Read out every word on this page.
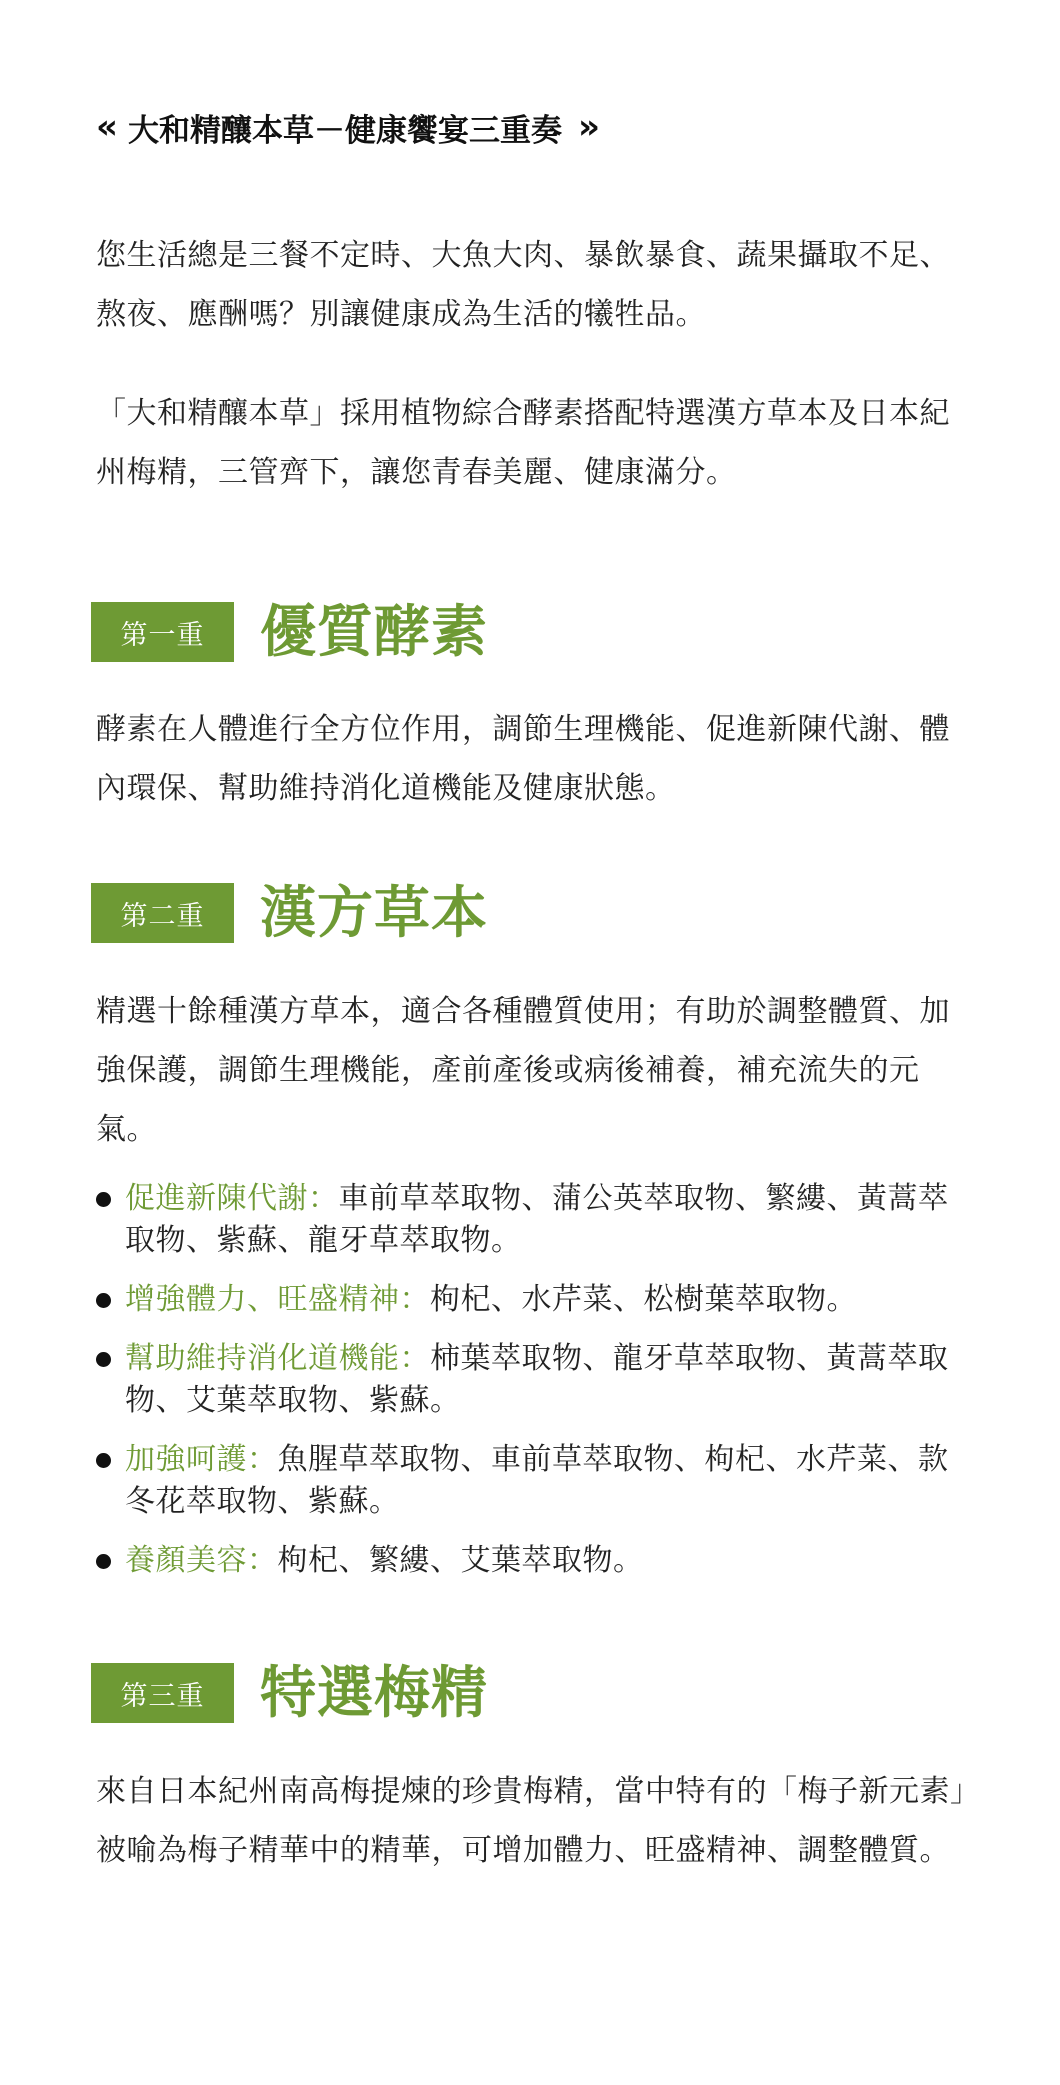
‹‹ 大和精釀本草－健康饗宴三重奏 ››

您生活總是三餐不定時、大魚大肉、暴飲暴食、蔬果攝取不足、熬夜、應酬嗎？別讓健康成為生活的犧牲品。

「大和精釀本草」採用植物綜合酵素搭配特選漢方草本及日本紀州梅精，三管齊下，讓您青春美麗、健康滿分。

第一重 優質酵素

酵素在人體進行全方位作用，調節生理機能、促進新陳代謝、體內環保、幫助維持消化道機能及健康狀態。

第二重 漢方草本

精選十餘種漢方草本，適合各種體質使用；有助於調整體質、加強保護，調節生理機能，產前產後或病後補養，補充流失的元氣。

促進新陳代謝：車前草萃取物、蒲公英萃取物、繁縷、黃蒿萃取物、紫蘇、龍牙草萃取物。
增強體力、旺盛精神：枸杞、水芹菜、松樹葉萃取物。
幫助維持消化道機能：柿葉萃取物、龍牙草萃取物、黃蒿萃取物、艾葉萃取物、紫蘇。
加強呵護：魚腥草萃取物、車前草萃取物、枸杞、水芹菜、款冬花萃取物、紫蘇。
養顏美容：枸杞、繁縷、艾葉萃取物。
第三重 特選梅精

來自日本紀州南高梅提煉的珍貴梅精，當中特有的「梅子新元素」被喻為梅子精華中的精華，可增加體力、旺盛精神、調整體質。
